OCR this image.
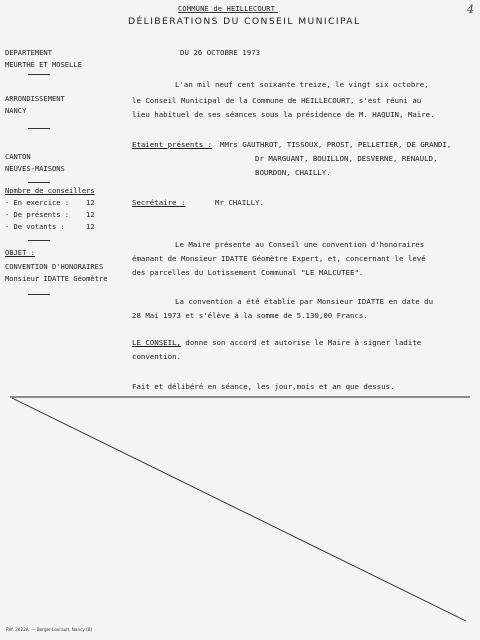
COMMUNE de HEILLECOURT
DÉLIBERATIONS DU CONSEIL MUNICIPAL
4
DEPARTEMENT
MEURTHE ET MOSELLE
ARRONDISSEMENT
NANCY
CANTON
NEUVES-MAISONS
Nombre de conseillers
- En exercice : 12
- De présents : 12
- De votants :	12
OBJET :
CONVENTION D'HONORAIRES
Monsieur IDATTE Géomètre
DU 26 OCTOBRE 1973
L'an mil neuf cent soixante treize, le vingt six octobre,
le Conseil Municipal de la Commune de HEILLECOURT, s'est réuni au
lieu habituel de ses séances sous la présidence de M. HAQUIN, Maire.
Etaient présents : MMrs GAUTHROT, TISSOUX, PROST, PELLETIER, DE GRANDI,
Dr MARGUANT, BOUILLON, DESVERNE, RENAULD,
BOURDON, CHAILLY.
Secrétaire :	Mr CHAILLY.
Le Maire présente au Conseil une convention d'honoraires
émanant de Monsieur IDATTE Géomètre Expert, et, concernant le levé
des parcelles du Lotissement Communal "LE MALCUTEE".
La convention a été établie par Monsieur IDATTE en date du
28 Mai 1973 et s'élève à la somme de 5.130,00 Francs.
LE CONSEIL, donne son accord et autorise le Maire à signer ladite
convention.
Fait et délibéré en séance, les jour,mois et an que dessus.
Réf. 2022A. — Berger-Levrault, Nancy (8)
